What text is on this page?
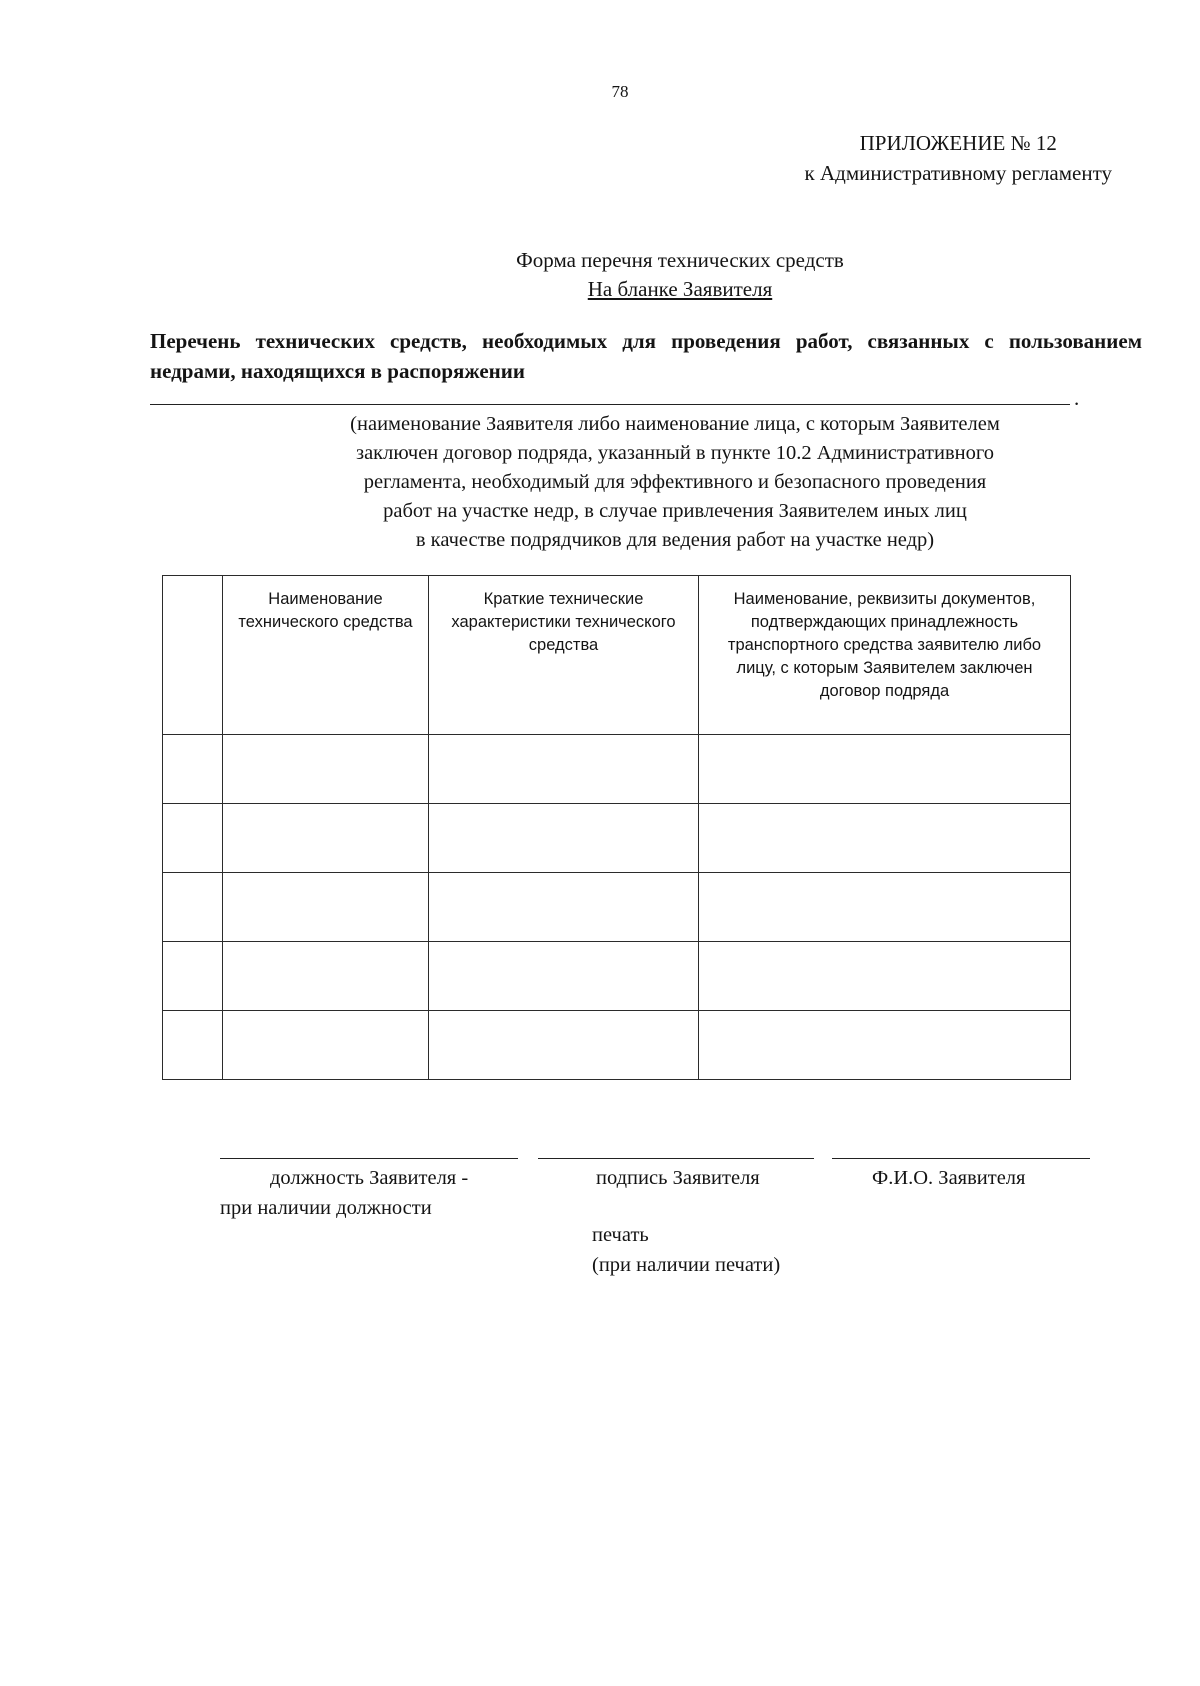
78
ПРИЛОЖЕНИЕ № 12
к Административному регламенту
Форма перечня технических средств
На бланке Заявителя
Перечень технических средств, необходимых для проведения работ, связанных с пользованием недрами, находящихся в распоряжении
.
(наименование Заявителя либо наименование лица, с которым Заявителем
заключен договор подряда, указанный в пункте 10.2 Административного
регламента, необходимый для эффективного и безопасного проведения
работ на участке недр, в случае привлечения Заявителем иных лиц
в качестве подрядчиков для ведения работ на участке недр)
	Наименование технического средства	Краткие технические характеристики технического средства	Наименование, реквизиты документов, подтверждающих принадлежность транспортного средства заявителю либо лицу, с которым Заявителем заключен договор подряда

должность Заявителя -
при наличии должности
подпись Заявителя	Ф.И.О. Заявителя
печать
(при наличии печати)
